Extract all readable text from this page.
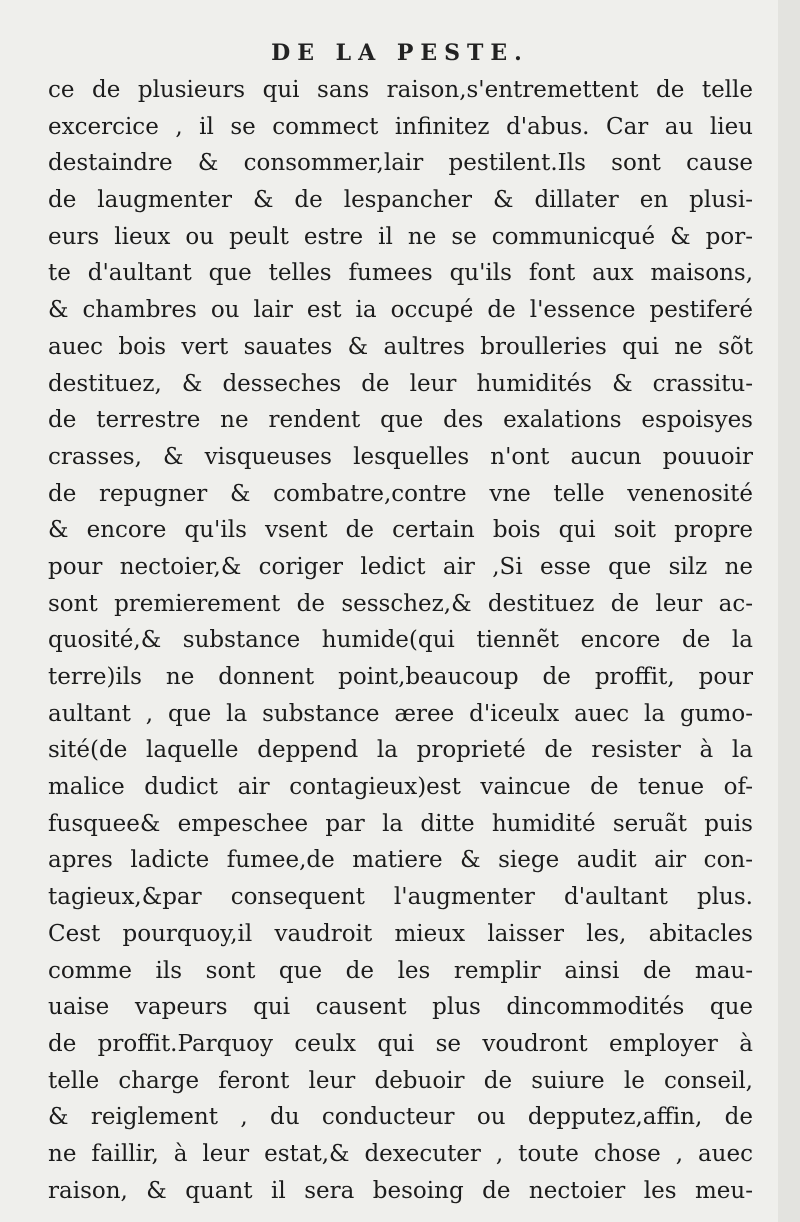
DE LA PESTE.
ce de plusieurs qui sans raison,s'entremettent de telle
excercice , il se commect infinitez d'abus. Car au lieu
destaindre & consommer,lair pestilent.Ils sont cause
de laugmenter & de lespancher & dillater en plusi-
eurs lieux ou peult estre il ne se communicqué & por-
te d'aultant que telles fumees qu'ils font aux maisons,
& chambres ou lair est ia occupé de l'essence pestiferé
auec bois vert sauates & aultres broulleries qui ne sõt
destituez, & desseches de leur humidités & crassitu-
de terrestre ne rendent que des exalations espoisyes
crasses, & visqueuses lesquelles n'ont aucun pouuoir
de repugner & combatre,contre vne telle venenosité
& encore qu'ils vsent de certain bois qui soit propre
pour nectoier,& coriger ledict air ,Si esse que silz ne
sont premierement de sesschez,& destituez de leur ac-
quosité,& substance humide(qui tiennẽt encore de la
terre)ils ne donnent point,beaucoup de proffit, pour
aultant , que la substance æree d'iceulx auec la gumo-
sité(de laquelle deppend la proprieté de resister à la
malice dudict air contagieux)est vaincue de tenue of-
fusquee& empeschee par la ditte humidité seruãt puis
apres ladicte fumee,de matiere & siege audit air con-
tagieux,&par consequent l'augmenter d'aultant plus.
Cest pourquoy,il vaudroit mieux laisser les, abitacles
comme ils sont que de les remplir ainsi de mau-
uaise vapeurs qui causent plus dincommodités que
de proffit.Parquoy ceulx qui se voudront employer à
telle charge feront leur debuoir de suiure le conseil,
& reiglement , du conducteur ou depputez,affin, de
ne faillir, à leur estat,& dexecuter , toute chose , auec
raison, & quant il sera besoing de nectoier les meu-
